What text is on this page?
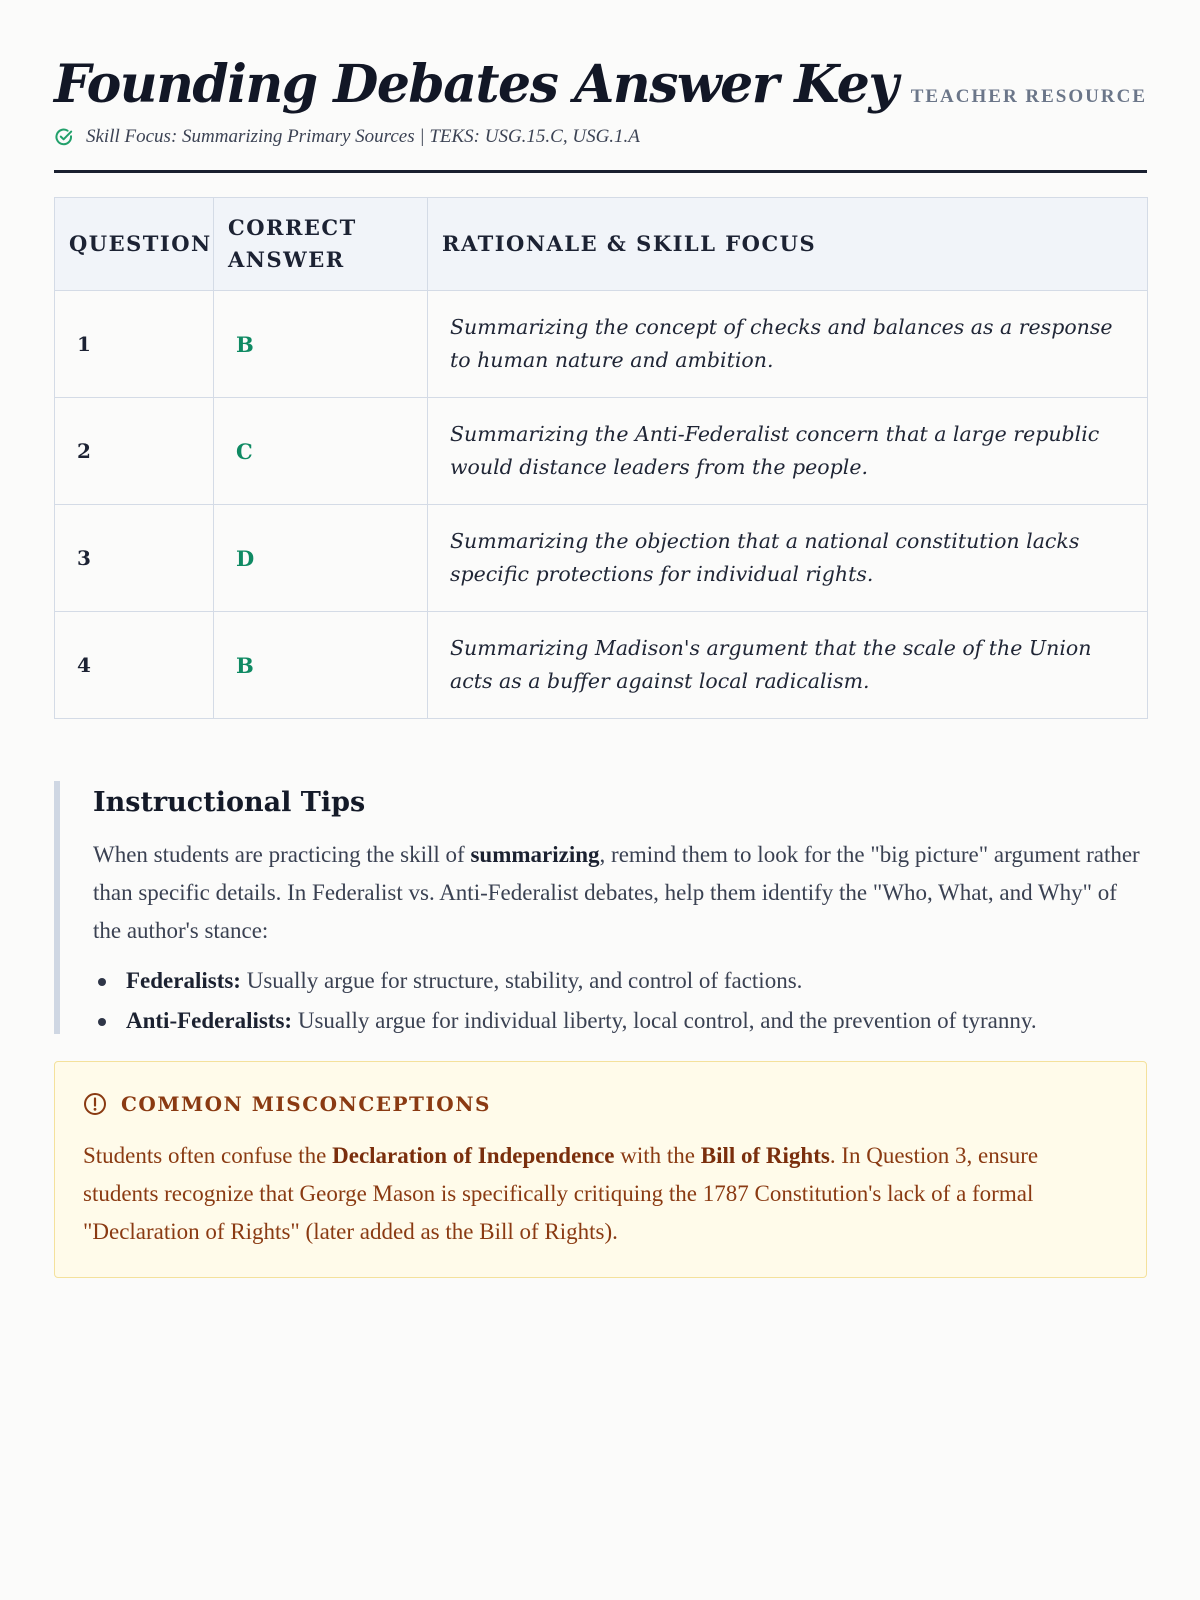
Founding Debates Answer Key TEACHER RESOURCE
Skill Focus: Summarizing Primary Sources | TEKS: USG.15.C, USG.1.A
QUESTION	CORRECT ANSWER	RATIONALE & SKILL FOCUS
1	B	Summarizing the concept of checks and balances as a response to human nature and ambition.

2	C	Summarizing the Anti-Federalist concern that a large republic would distance leaders from the people.

3	D	Summarizing the objection that a national constitution lacks specific protections for individual rights.

4	B	Summarizing Madison's argument that the scale of the Union acts as a buffer against local radicalism.
Instructional Tips

When students are practicing the skill of summarizing, remind them to look for the "big picture" argument rather than specific details. In Federalist vs. Anti-Federalist debates, help them identify the "Who, What, and Why" of the author's stance:

Federalists: Usually argue for structure, stability, and control of factions.
Anti-Federalists: Usually argue for individual liberty, local control, and the prevention of tyranny.
COMMON MISCONCEPTIONS

Students often confuse the Declaration of Independence with the Bill of Rights. In Question 3, ensure students recognize that George Mason is specifically critiquing the 1787 Constitution's lack of a formal "Declaration of Rights" (later added as the Bill of Rights).
